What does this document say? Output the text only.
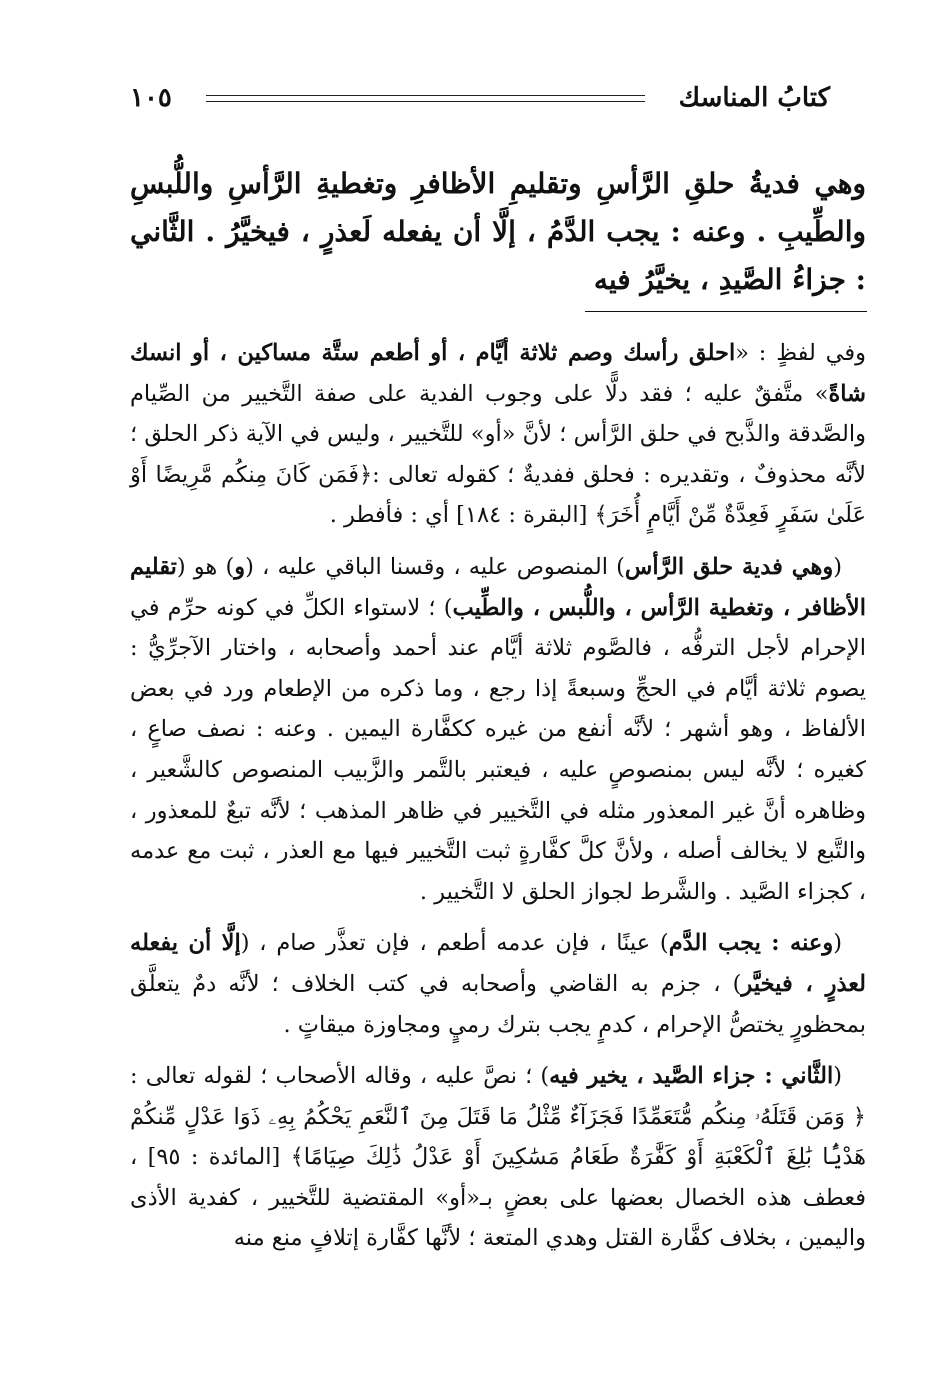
كتابُ المناسك
١٠٥
وهي فديةُ حلقِ الرَّأسِ وتقليمِ الأظافرِ وتغطيةِ الرَّأسِ واللُّبسِ والطِّيبِ . وعنه : يجب الدَّمُ ، إلَّا أن يفعله لَعذرٍ ، فيخيَّرُ . الثَّاني : جزاءُ الصَّيدِ ، يخيَّرُ فيه

وفي لفظٍ : «احلق رأسك وصم ثلاثة أيَّام ، أو أطعم ستَّة مساكين ، أو انسك شاةً» متَّفقٌ عليه ؛ فقد دلًّا على وجوب الفدية على صفة التَّخيير من الصِّيام والصَّدقة والذَّبح في حلق الرَّأس ؛ لأنَّ «أو» للتَّخيير ، وليس في الآية ذكر الحلق ؛ لأنَّه محذوفٌ ، وتقديره : فحلق ففديةٌ ؛ كقوله تعالى :﴿فَمَن كَانَ مِنكُم مَّرِيضًا أَوْ عَلَىٰ سَفَرٍ فَعِدَّةٌ مِّنْ أَيَّامٍ أُخَرَ﴾ [البقرة : ١٨٤] أي : فأفطر .

(وهي فدية حلق الرَّأس) المنصوص عليه ، وقسنا الباقي عليه ، (و) هو (تقليم الأظافر ، وتغطية الرَّأس ، واللُّبس ، والطِّيب) ؛ لاستواء الكلِّ في كونه حرِّم في الإحرام لأجل الترفُّه ، فالصَّوم ثلاثة أيَّام عند أحمد وأصحابه ، واختار الآجرِّيُّ : يصوم ثلاثة أيَّام في الحجِّ وسبعةً إذا رجع ، وما ذكره من الإطعام ورد في بعض الألفاظ ، وهو أشهر ؛ لأنَّه أنفع من غيره ككفَّارة اليمين . وعنه : نصف صاعٍ ، كغيره ؛ لأنَّه ليس بمنصوصٍ عليه ، فيعتبر بالتَّمر والزَّبيب المنصوص كالشَّعير ، وظاهره أنَّ غير المعذور مثله في التَّخيير في ظاهر المذهب ؛ لأنَّه تبعٌ للمعذور ، والتَّبع لا يخالف أصله ، ولأنَّ كلَّ كفَّارةٍ ثبت التَّخيير فيها مع العذر ، ثبت مع عدمه ، كجزاء الصَّيد . والشَّرط لجواز الحلق لا التَّخيير .

(وعنه : يجب الدَّم) عينًا ، فإن عدمه أطعم ، فإن تعذَّر صام ، (إلَّا أن يفعله لعذرٍ ، فيخيَّر) ، جزم به القاضي وأصحابه في كتب الخلاف ؛ لأنَّه دمٌ يتعلَّق بمحظورٍ يختصُّ الإحرام ، كدمٍ يجب بترك رميٍ ومجاوزة ميقاتٍ .

(الثَّاني : جزاء الصَّيد ، يخير فيه) ؛ نصَّ عليه ، وقاله الأصحاب ؛ لقوله تعالى : ﴿ وَمَن قَتَلَهُۥ مِنكُم مُّتَعَمِّدًا فَجَزَآءٌ مِّثْلُ مَا قَتَلَ مِنَ ٱلنَّعَمِ يَحْكُمُ بِهِۦ ذَوَا عَدْلٍ مِّنكُمْ هَدْيًۢا بَٰلِغَ ٱلْكَعْبَةِ أَوْ كَفَّٰرَةٌ طَعَامُ مَسَٰكِينَ أَوْ عَدْلُ ذَٰلِكَ صِيَامًا﴾ [المائدة : ٩٥] ، فعطف هذه الخصال بعضها على بعضٍ بـ«أو» المقتضية للتَّخيير ، كفدية الأذى واليمين ، بخلاف كفَّارة القتل وهدي المتعة ؛ لأنَّها كفَّارة إتلافٍ منع منه
